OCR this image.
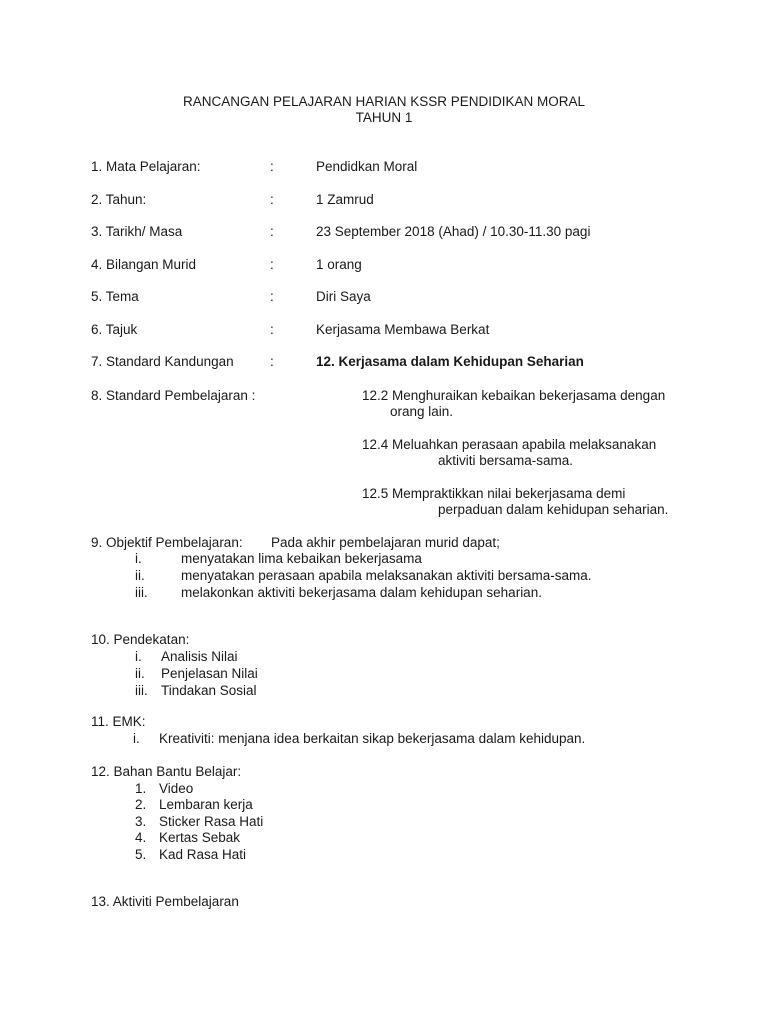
RANCANGAN PELAJARAN HARIAN KSSR PENDIDIKAN MORAL
TAHUN 1
1. Mata Pelajaran:	:	Pendidkan Moral
2. Tahun:	:	1 Zamrud
3. Tarikh/ Masa	:	23 September 2018 (Ahad) / 10.30-11.30 pagi
4. Bilangan Murid	:	1 orang
5. Tema	:	Diri Saya
6. Tajuk	:	Kerjasama Membawa Berkat
7. Standard Kandungan	:	12. Kerjasama dalam Kehidupan Seharian
8. Standard Pembelajaran :	12.2 Menghuraikan kebaikan bekerjasama dengan
orang lain.
12.4 Meluahkan perasaan apabila melaksanakan
aktiviti bersama-sama.
12.5 Mempraktikkan nilai bekerjasama demi
perpaduan dalam kehidupan seharian.
9. Objektif Pembelajaran: Pada akhir pembelajaran murid dapat;
i.	menyatakan lima kebaikan bekerjasama
ii.	menyatakan perasaan apabila melaksanakan aktiviti bersama-sama.
iii. melakonkan aktiviti bekerjasama dalam kehidupan seharian.
10. Pendekatan:
i. Analisis Nilai
ii. Penjelasan Nilai
iii. Tindakan Sosial
11. EMK:
i. Kreativiti: menjana idea berkaitan sikap bekerjasama dalam kehidupan.
12. Bahan Bantu Belajar:
1. Video
2. Lembaran kerja
3. Sticker Rasa Hati
4. Kertas Sebak
5. Kad Rasa Hati
13. Aktiviti Pembelajaran
